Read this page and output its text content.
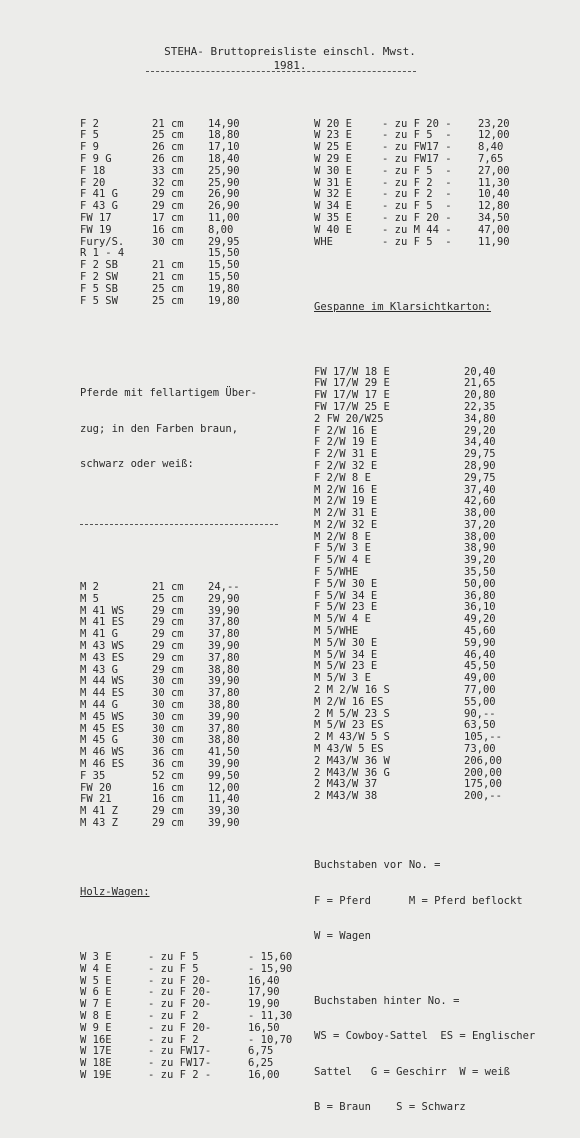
STEHA- Bruttopreisliste einschl. Mwst.
1981.

F 2	21 cm	14,90
F 5	25 cm	18,80
F 9	26 cm	17,10
F 9 G	26 cm	18,40
F 18	33 cm	25,90
F 20	32 cm	25,90
F 41 G	29 cm	26,90
F 43 G	29 cm	26,90
FW 17	17 cm	11,00
FW 19	16 cm	8,00
Fury/S.	30 cm	29,95
R 1 - 4	15,50
F 2 SB	21 cm	15,50
F 2 SW	21 cm	15,50
F 5 SB	25 cm	19,80
F 5 SW	25 cm	19,80

Pferde mit fellartigem Über-

zug; in den Farben braun,

schwarz oder weiß:

M 2	21 cm	24,--
M 5	25 cm	29,90
M 41 WS	29 cm	39,90
M 41 ES	29 cm	37,80
M 41 G	29 cm	37,80
M 43 WS	29 cm	39,90
M 43 ES	29 cm	37,80
M 43 G	29 cm	38,80
M 44 WS	30 cm	39,90
M 44 ES	30 cm	37,80
M 44 G	30 cm	38,80
M 45 WS	30 cm	39,90
M 45 ES	30 cm	37,80
M 45 G	30 cm	38,80
M 46 WS	36 cm	41,50
M 46 ES	36 cm	39,90
F 35	52 cm	99,50
FW 20	16 cm	12,00
FW 21	16 cm	11,40
M 41 Z	29 cm	39,30
M 43 Z	29 cm	39,90

Holz-Wagen:

W 3 E	- zu F 5	- 15,60
W 4 E	- zu F 5	- 15,90
W 5 E	- zu F 20-	16,40
W 6 E	- zu F 20-	17,90
W 7 E	- zu F 20-	19,90
W 8 E	- zu F 2	- 11,30
W 9 E	- zu F 20-	16,50
W 16E	- zu F 2	- 10,70
W 17E	- zu FW17-	6,75
W 18E	- zu FW17-	6,25
W 19E	- zu F 2 -	16,00

W 20 E	- zu F 20 -	23,20
W 23 E	- zu F 5  -	12,00
W 25 E	- zu FW17 -	8,40
W 29 E	- zu FW17 -	7,65
W 30 E	- zu F 5  -	27,00
W 31 E	- zu F 2  -	11,30
W 32 E	- zu F 2  -	10,40
W 34 E	- zu F 5  -	12,80
W 35 E	- zu F 20 -	34,50
W 40 E	- zu M 44 -	47,00
WHE	- zu F 5  -	11,90

Gespanne im Klarsichtkarton:

FW 17/W 18 E	20,40
FW 17/W 29 E	21,65
FW 17/W 17 E	20,80
FW 17/W 25 E	22,35
2 FW 20/W25	34,80
F 2/W 16 E	29,20
F 2/W 19 E	34,40
F 2/W 31 E	29,75
F 2/W 32 E	28,90
F 2/W 8 E	29,75
M 2/W 16 E	37,40
M 2/W 19 E	42,60
M 2/W 31 E	38,00
M 2/W 32 E	37,20
M 2/W 8 E	38,00
F 5/W 3 E	38,90
F 5/W 4 E	39,20
F 5/WHE	35,50
F 5/W 30 E	50,00
F 5/W 34 E	36,80
F 5/W 23 E	36,10
M 5/W 4 E	49,20
M 5/WHE	45,60
M 5/W 30 E	59,90
M 5/W 34 E	46,40
M 5/W 23 E	45,50
M 5/W 3 E	49,00
2 M 2/W 16 S	77,00
M 2/W 16 ES	55,00
2 M 5/W 23 S	90,--
M 5/W 23 ES	63,50
2 M 43/W 5 S	105,--
M 43/W 5 ES	73,00
2 M43/W 36 W	206,00
2 M43/W 36 G	200,00
2 M43/W 37	175,00
2 M43/W 38	200,--

Buchstaben vor No. =

F = Pferd      M = Pferd beflockt

W = Wagen

Buchstaben hinter No. =

WS = Cowboy-Sattel  ES = Englischer

Sattel   G = Geschirr  W = weiß

B = Braun    S = Schwarz
